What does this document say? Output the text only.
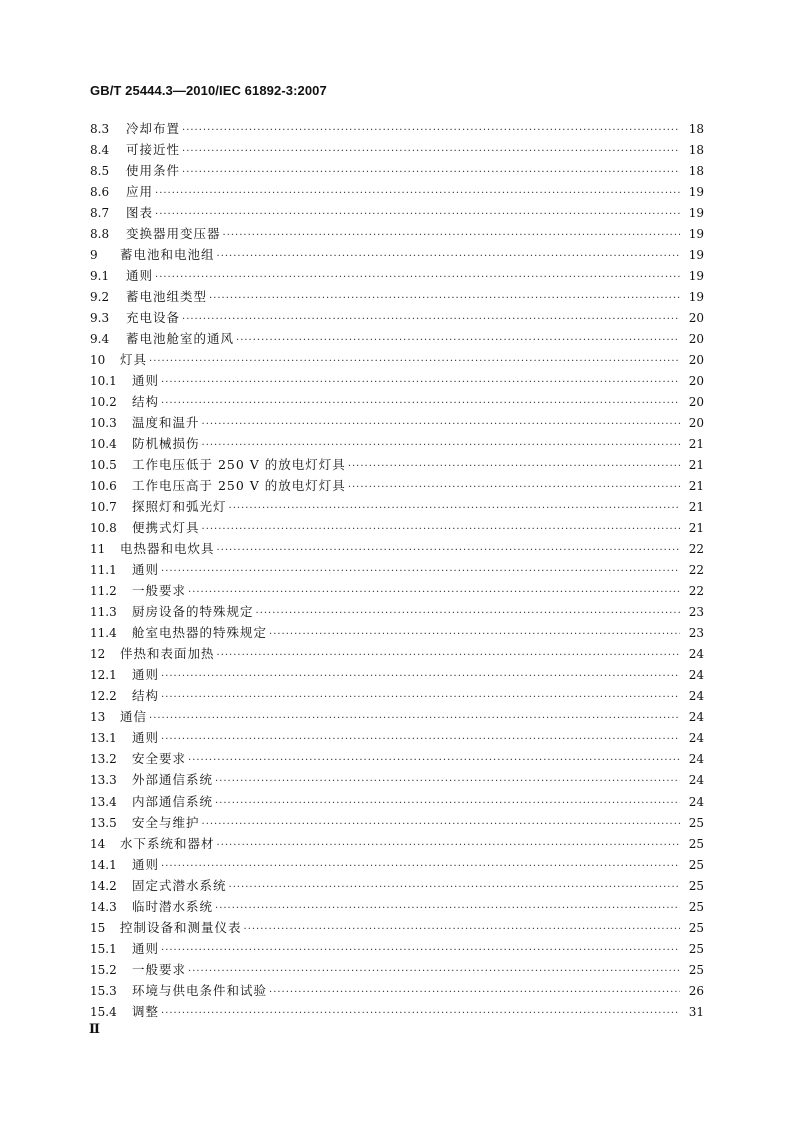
GB/T 25444.3—2010/IEC 61892-3:2007
8.3	冷却布置 ·····	18
8.4	可接近性 ·····	18
8.5	使用条件 ·····	18
8.6	应用 ·····	19
8.7	图表 ·····	19
8.8	变换器用变压器 ·····	19
9	蓄电池和电池组 ·····	19
9.1	通则 ·····	19
9.2	蓄电池组类型 ·····	19
9.3	充电设备 ·····	20
9.4	蓄电池舱室的通风 ·····	20
10	灯具 ·····	20
10.1	通则 ·····	20
10.2	结构 ·····	20
10.3	温度和温升 ·····	20
10.4	防机械损伤 ·····	21
10.5	工作电压低于 250 V 的放电灯灯具 ·····	21
10.6	工作电压高于 250 V 的放电灯灯具 ·····	21
10.7	探照灯和弧光灯 ·····	21
10.8	便携式灯具 ·····	21
11	电热器和电炊具 ·····	22
11.1	通则 ·····	22
11.2	一般要求 ·····	22
11.3	厨房设备的特殊规定 ·····	23
11.4	舱室电热器的特殊规定 ·····	23
12	伴热和表面加热 ·····	24
12.1	通则 ·····	24
12.2	结构 ·····	24
13	通信 ·····	24
13.1	通则 ·····	24
13.2	安全要求 ·····	24
13.3	外部通信系统 ·····	24
13.4	内部通信系统 ·····	24
13.5	安全与维护 ·····	25
14	水下系统和器材 ·····	25
14.1	通则 ·····	25
14.2	固定式潜水系统 ·····	25
14.3	临时潜水系统 ·····	25
15	控制设备和测量仪表 ·····	25
15.1	通则 ·····	25
15.2	一般要求 ·····	25
15.3	环境与供电条件和试验 ·····	26
15.4	调整 ·····	31
Ⅱ
